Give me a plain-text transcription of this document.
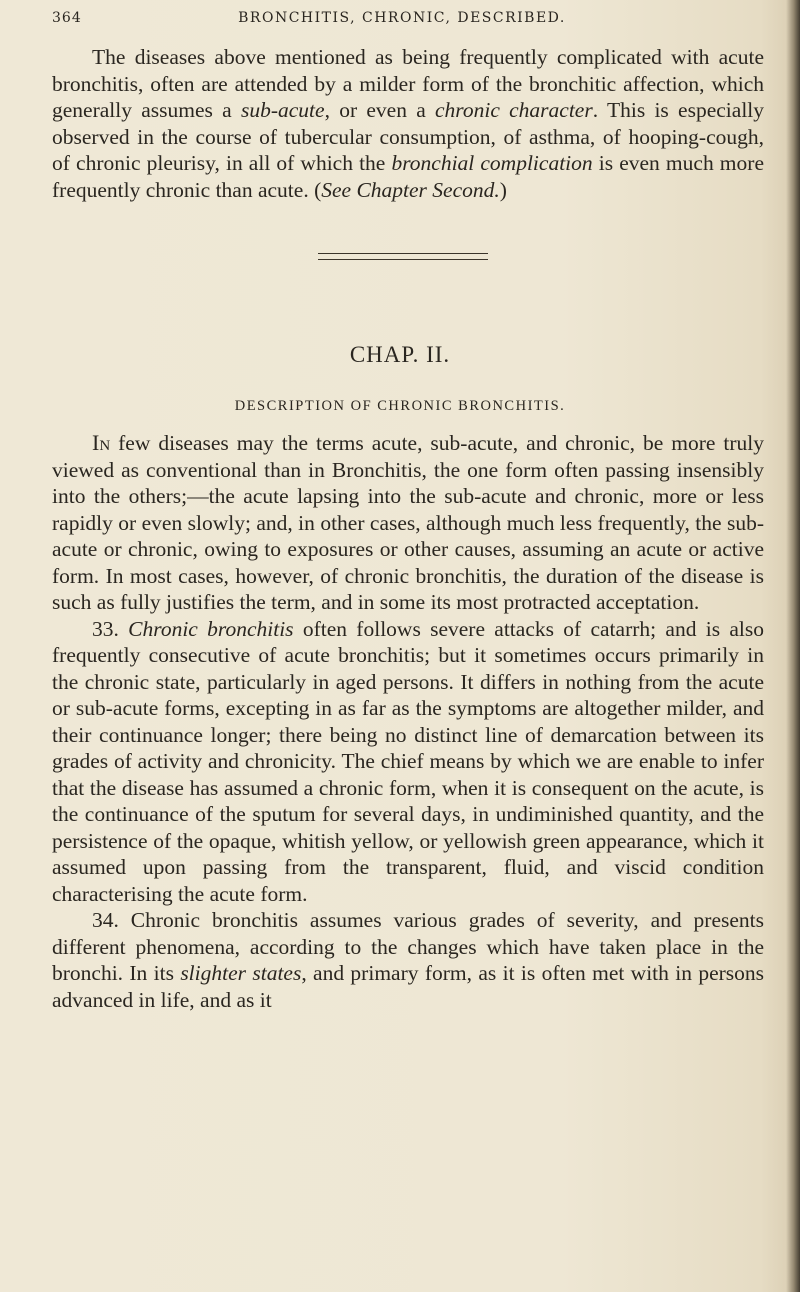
364	BRONCHITIS, CHRONIC, DESCRIBED.

The diseases above mentioned as being frequently complicated with acute bronchitis, often are attended by a milder form of the bronchitic affection, which generally assumes a sub-acute, or even a chronic character. This is especially observed in the course of tubercular consumption, of asthma, of hooping-cough, of chronic pleurisy, in all of which the bronchial complication is even much more frequently chronic than acute. (See Chapter Second.)

CHAP. II.
DESCRIPTION OF CHRONIC BRONCHITIS.

In few diseases may the terms acute, sub-acute, and chronic, be more truly viewed as conventional than in Bronchitis, the one form often passing insensibly into the others;—the acute lapsing into the sub-acute and chronic, more or less rapidly or even slowly; and, in other cases, although much less frequently, the sub-acute or chronic, owing to exposures or other causes, assuming an acute or active form. In most cases, however, of chronic bronchitis, the duration of the disease is such as fully justifies the term, and in some its most protracted acceptation.

33. Chronic bronchitis often follows severe attacks of catarrh; and is also frequently consecutive of acute bronchitis; but it sometimes occurs primarily in the chronic state, particularly in aged persons. It differs in nothing from the acute or sub-acute forms, excepting in as far as the symptoms are altogether milder, and their continuance longer; there being no distinct line of demarcation between its grades of activity and chronicity. The chief means by which we are enable to infer that the disease has assumed a chronic form, when it is consequent on the acute, is the continuance of the sputum for several days, in undiminished quantity, and the persistence of the opaque, whitish yellow, or yellowish green appearance, which it assumed upon passing from the transparent, fluid, and viscid condition characterising the acute form.

34. Chronic bronchitis assumes various grades of severity, and presents different phenomena, according to the changes which have taken place in the bronchi. In its slighter states, and primary form, as it is often met with in persons advanced in life, and as it
